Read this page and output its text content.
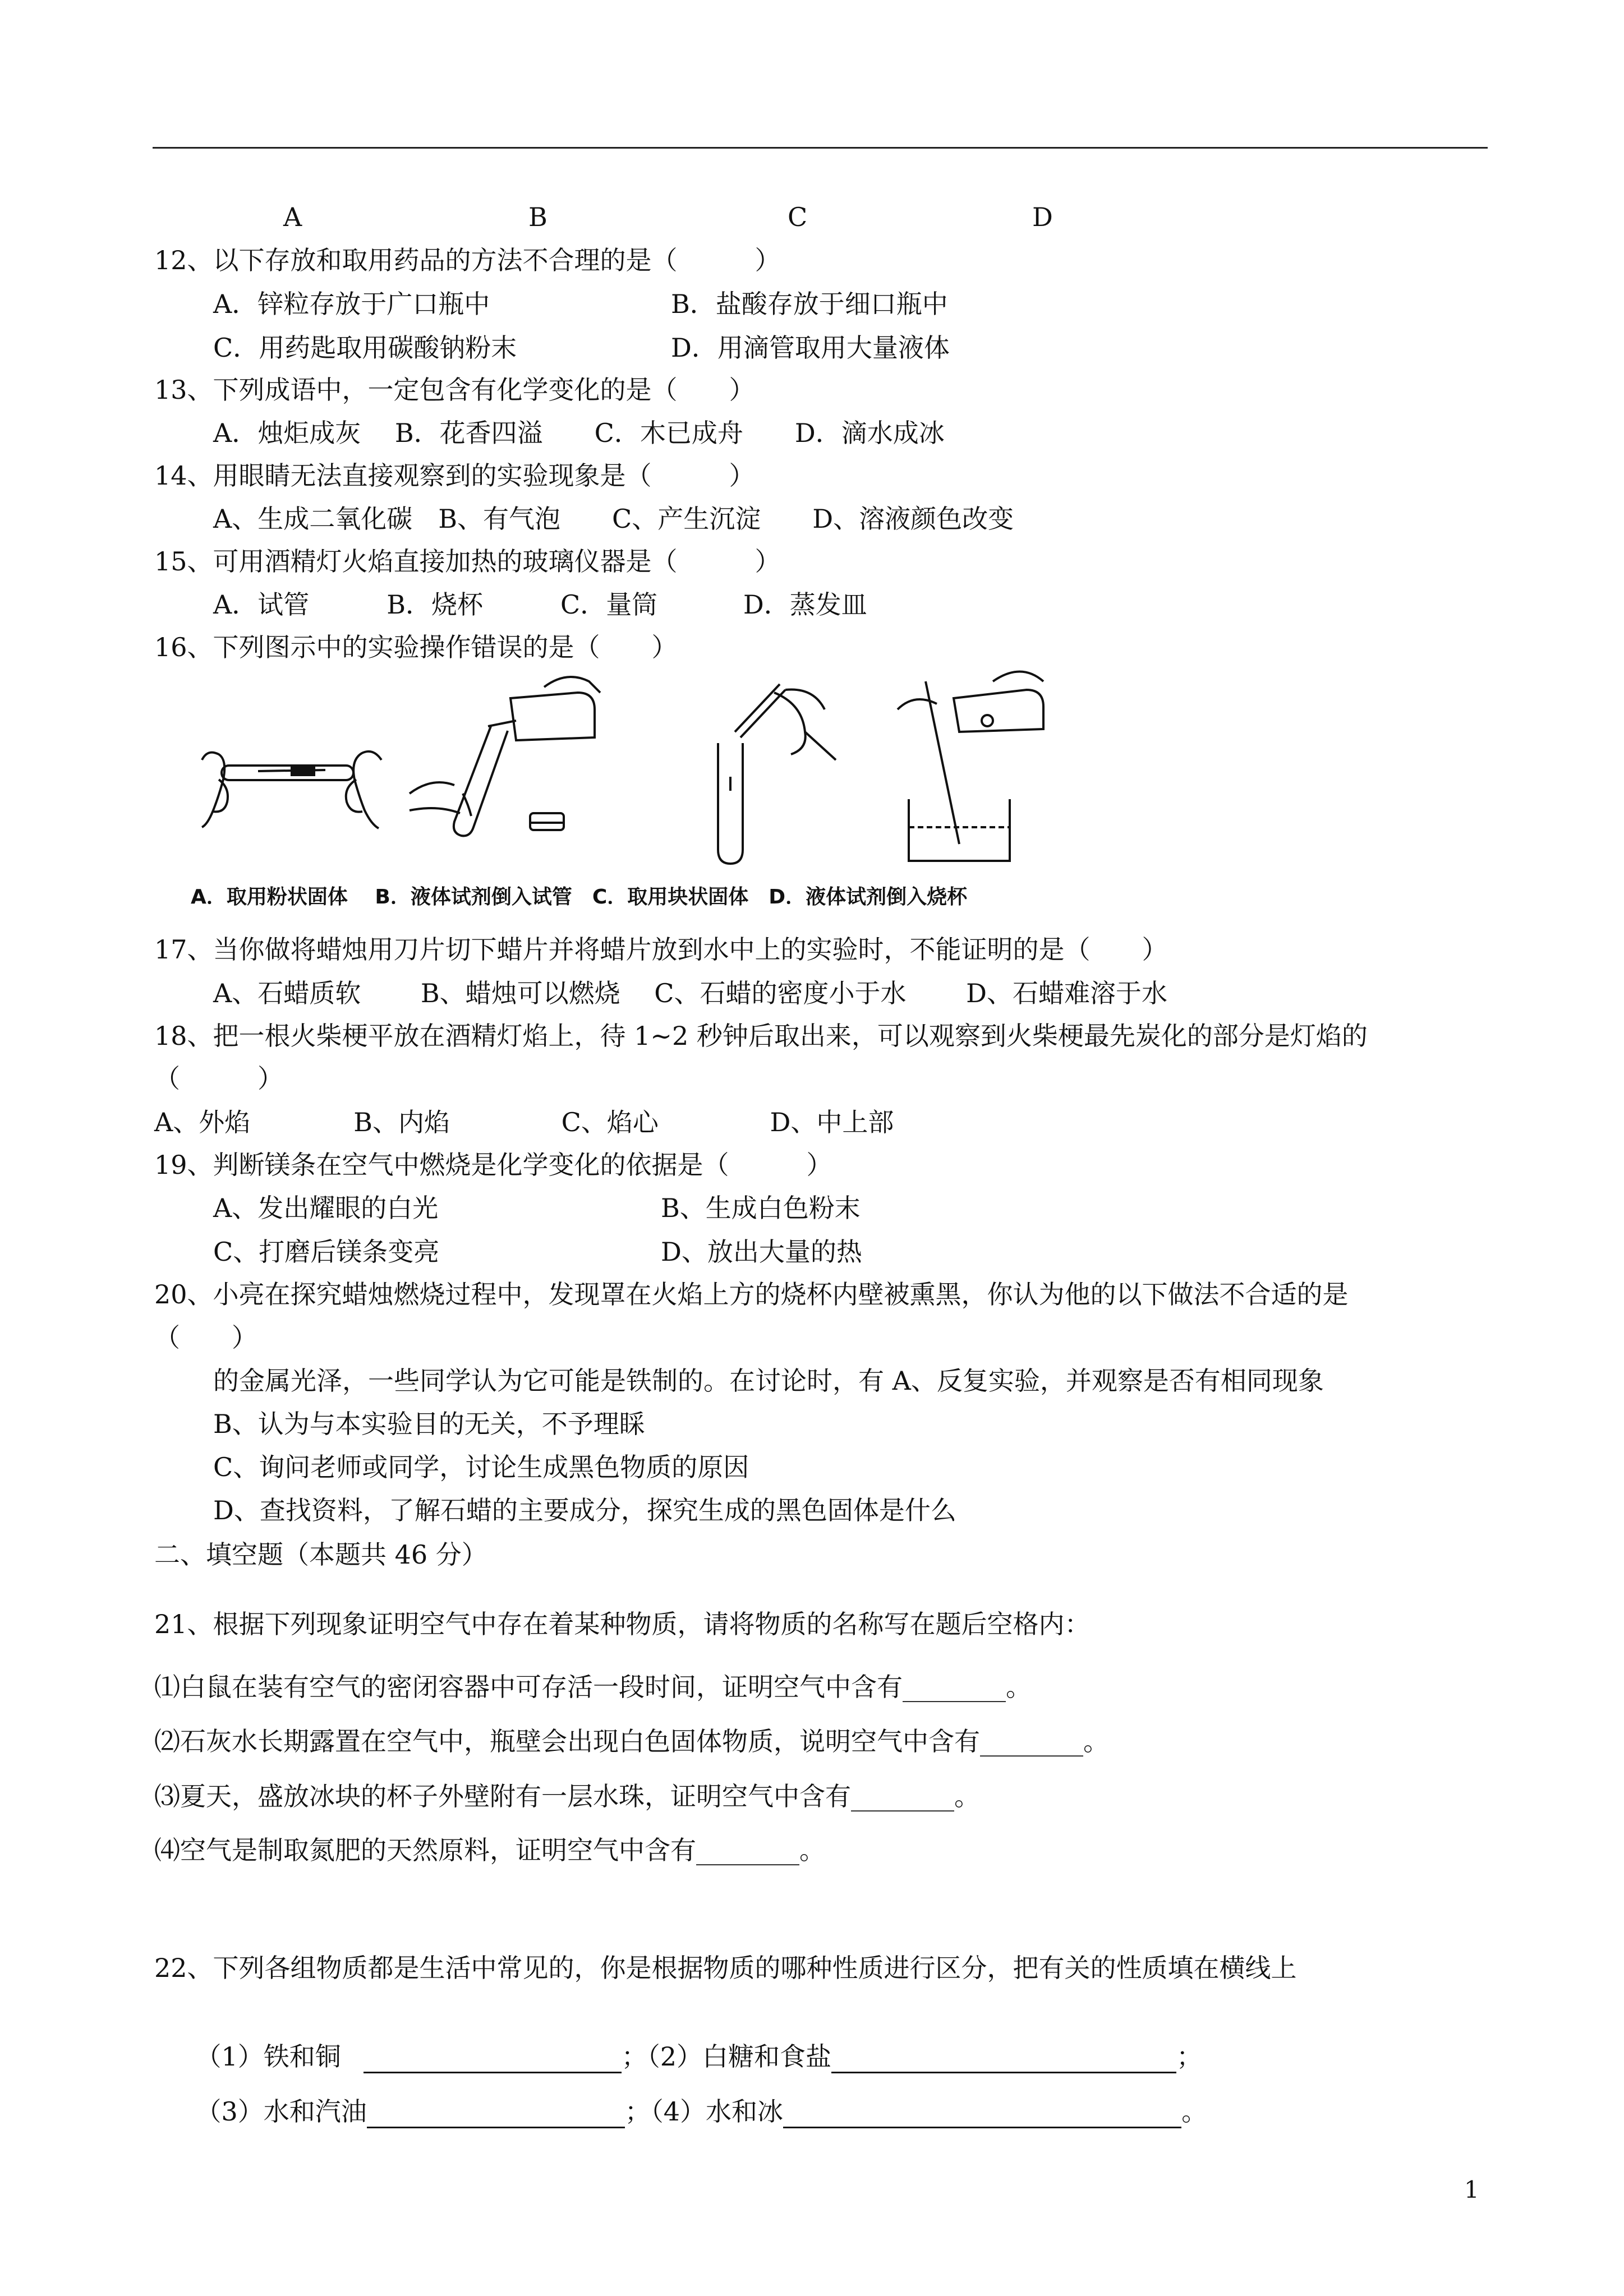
A	B	C	D
12、以下存放和取用药品的方法不合理的是（　　　）
A．锌粒存放于广口瓶中	B．盐酸存放于细口瓶中
C．用药匙取用碳酸钠粉末	D．用滴管取用大量液体
13、下列成语中，一定包含有化学变化的是（　　）
A．烛炬成灰　 B．花香四溢　　C．木已成舟　　D．滴水成冰
14、用眼睛无法直接观察到的实验现象是（　　　）
A、生成二氧化碳　B、有气泡　　C、产生沉淀　　D、溶液颜色改变
15、可用酒精灯火焰直接加热的玻璃仪器是（　　　）
A．试管　　　B．烧杯　　　C．量筒　　　 D．蒸发皿
16、下列图示中的实验操作错误的是（　　）
A．取用粉状固体　 B．液体试剂倒入试管　C．取用块状固体　D．液体试剂倒入烧杯
17、当你做将蜡烛用刀片切下蜡片并将蜡片放到水中上的实验时，不能证明的是（　　）
A、石蜡质软　　 B、蜡烛可以燃烧　 C、石蜡的密度小于水　　 D、石蜡难溶于水
18、把一根火柴梗平放在酒精灯焰上，待 1~2 秒钟后取出来，可以观察到火柴梗最先炭化的部分是灯焰的
（　　　）
A、外焰　　　　B、内焰　　　　 C、焰心　　　　 D、中上部
19、判断镁条在空气中燃烧是化学变化的依据是（　　　）
A、发出耀眼的白光	B、生成白色粉末
C、打磨后镁条变亮	D、放出大量的热
20、小亮在探究蜡烛燃烧过程中，发现罩在火焰上方的烧杯内壁被熏黑，你认为他的以下做法不合适的是
（　　）
的金属光泽，一些同学认为它可能是铁制的。在讨论时，有 A、反复实验，并观察是否有相同现象
B、认为与本实验目的无关，不予理睬
C、询问老师或同学，讨论生成黑色物质的原因
D、查找资料，了解石蜡的主要成分，探究生成的黑色固体是什么
二、填空题（本题共 46 分）
21、根据下列现象证明空气中存在着某种物质，请将物质的名称写在题后空格内：
⑴白鼠在装有空气的密闭容器中可存活一段时间，证明空气中含有________。
⑵石灰水长期露置在空气中，瓶壁会出现白色固体物质，说明空气中含有________。
⑶夏天，盛放冰块的杯子外壁附有一层水珠，证明空气中含有________。
⑷空气是制取氮肥的天然原料，证明空气中含有________。
22、下列各组物质都是生活中常见的，你是根据物质的哪种性质进行区分，把有关的性质填在横线上

（1）铁和铜	；（2）白糖和食盐	；

（3）水和汽油	；（4）水和冰	。

1
